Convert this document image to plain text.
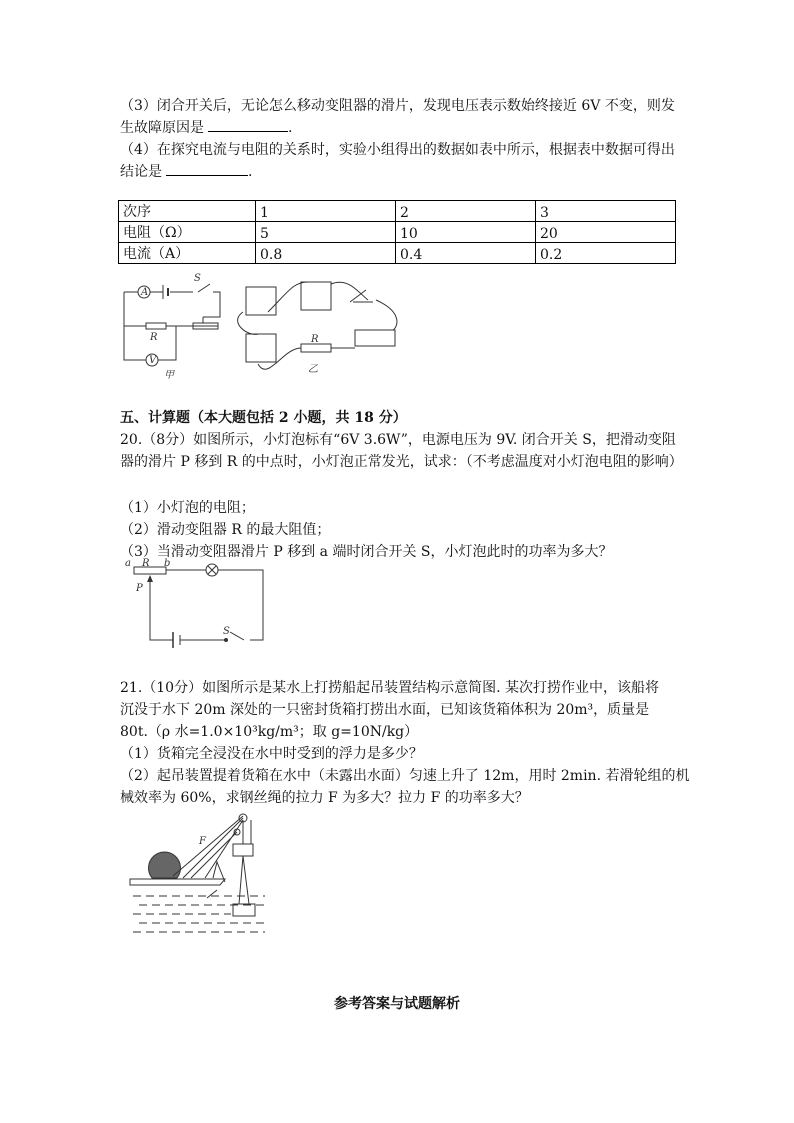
（3）闭合开关后，无论怎么移动变阻器的滑片，发现电压表示数始终接近 6V 不变，则发
生故障原因是	.
（4）在探究电流与电阻的关系时，实验小组得出的数据如表中所示，根据表中数据可得出
结论是	.
次序	1	2	3
电阻（Ω）	5	10	20
电流（A）	0.8	0.4	0.2
A
S
R
V
甲
R
乙
五、计算题（本大题包括 2 小题，共 18 分）
20.（8分）如图所示，小灯泡标有“6V 3.6W”，电源电压为 9V. 闭合开关 S，把滑动变阻
器的滑片 P 移到 R 的中点时，小灯泡正常发光，试求：（不考虑温度对小灯泡电阻的影响）
（1）小灯泡的电阻；
（2）滑动变阻器 R 的最大阻值；
（3）当滑动变阻器滑片 P 移到 a 端时闭合开关 S，小灯泡此时的功率为多大？
a R b
P
S
21.（10分）如图所示是某水上打捞船起吊装置结构示意简图. 某次打捞作业中，该船将
沉没于水下 20m 深处的一只密封货箱打捞出水面，已知该货箱体积为 20m³，质量是
80t.（ρ 水=1.0×10³kg/m³；取 g=10N/kg）
（1）货箱完全浸没在水中时受到的浮力是多少？
（2）起吊装置提着货箱在水中（未露出水面）匀速上升了 12m，用时 2min. 若滑轮组的机
械效率为 60%，求钢丝绳的拉力 F 为多大？拉力 F 的功率多大？
F
参考答案与试题解析
